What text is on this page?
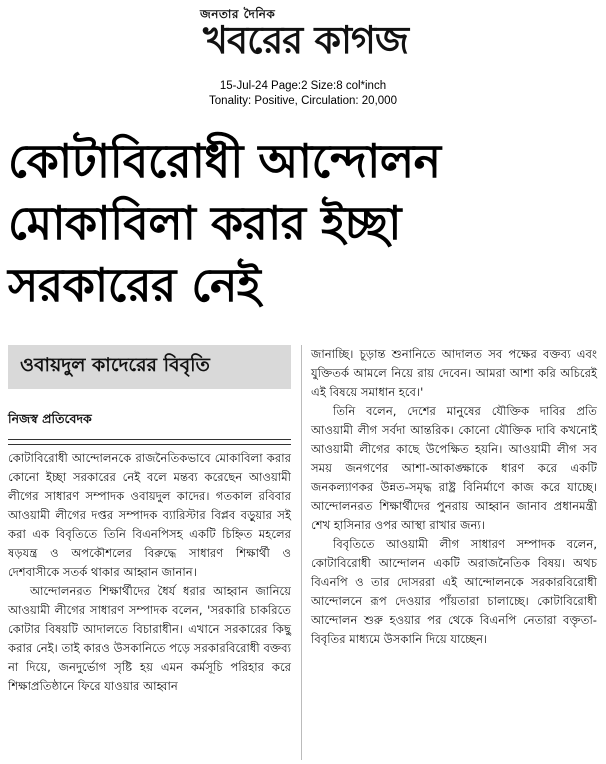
জনতার দৈনিক
খবরের কাগজ
15-Jul-24 Page:2 Size:8 col*inch
Tonality: Positive, Circulation: 20,000
কোটাবিরোধী আন্দোলন
মোকাবিলা করার ইচ্ছা
সরকারের নেই
ওবায়দুল কাদেরের বিবৃতি
নিজস্ব প্রতিবেদক

কোটাবিরোধী আন্দোলনকে রাজনৈতিকভাবে মোকাবিলা করার কোনো ইচ্ছা সরকারের নেই বলে মন্তব্য করেছেন আওয়ামী লীগের সাধারণ সম্পাদক ওবায়দুল কাদের। গতকাল রবিবার আওয়ামী লীগের দপ্তর সম্পাদক ব্যারিস্টার বিপ্লব বড়ুয়ার সই করা এক বিবৃতিতে তিনি বিএনপিসহ একটি চিহ্নিত মহলের ষড়যন্ত্র ও অপকৌশলের বিরুদ্ধে সাধারণ শিক্ষার্থী ও দেশবাসীকে সতর্ক থাকার আহ্বান জানান।

আন্দোলনরত শিক্ষার্থীদের ধৈর্য ধরার আহ্বান জানিয়ে আওয়ামী লীগের সাধারণ সম্পাদক বলেন, 'সরকারি চাকরিতে কোটার বিষয়টি আদালতে বিচারাধীন। এখানে সরকারের কিছু করার নেই। তাই কারও উসকানিতে পড়ে সরকারবিরোধী বক্তব্য না দিয়ে, জনদুর্ভোগ সৃষ্টি হয় এমন কর্মসূচি পরিহার করে শিক্ষাপ্রতিষ্ঠানে ফিরে যাওয়ার আহ্বান

জানাচ্ছি। চূড়ান্ত শুনানিতে আদালত সব পক্ষের বক্তব্য এবং যুক্তিতর্ক আমলে নিয়ে রায় দেবেন। আমরা আশা করি অচিরেই এই বিষয়ে সমাধান হবে।'

তিনি বলেন, দেশের মানুষের যৌক্তিক দাবির প্রতি আওয়ামী লীগ সর্বদা আন্তরিক। কোনো যৌক্তিক দাবি কখনোই আওয়ামী লীগের কাছে উপেক্ষিত হয়নি। আওয়ামী লীগ সব সময় জনগণের আশা-আকাঙ্ক্ষাকে ধারণ করে একটি জনকল্যাণকর উন্নত-সমৃদ্ধ রাষ্ট্র বিনির্মাণে কাজ করে যাচ্ছে। আন্দোলনরত শিক্ষার্থীদের পুনরায় আহ্বান জানাব প্রধানমন্ত্রী শেখ হাসিনার ওপর আস্থা রাখার জন্য।

বিবৃতিতে আওয়ামী লীগ সাধারণ সম্পাদক বলেন, কোটাবিরোধী আন্দোলন একটি অরাজনৈতিক বিষয়। অথচ বিএনপি ও তার দোসররা এই আন্দোলনকে সরকারবিরোধী আন্দোলনে রূপ দেওয়ার পাঁয়তারা চালাচ্ছে। কোটাবিরোধী আন্দোলন শুরু হওয়ার পর থেকে বিএনপি নেতারা বক্তৃতা-বিবৃতির মাধ্যমে উসকানি দিয়ে যাচ্ছেন।
